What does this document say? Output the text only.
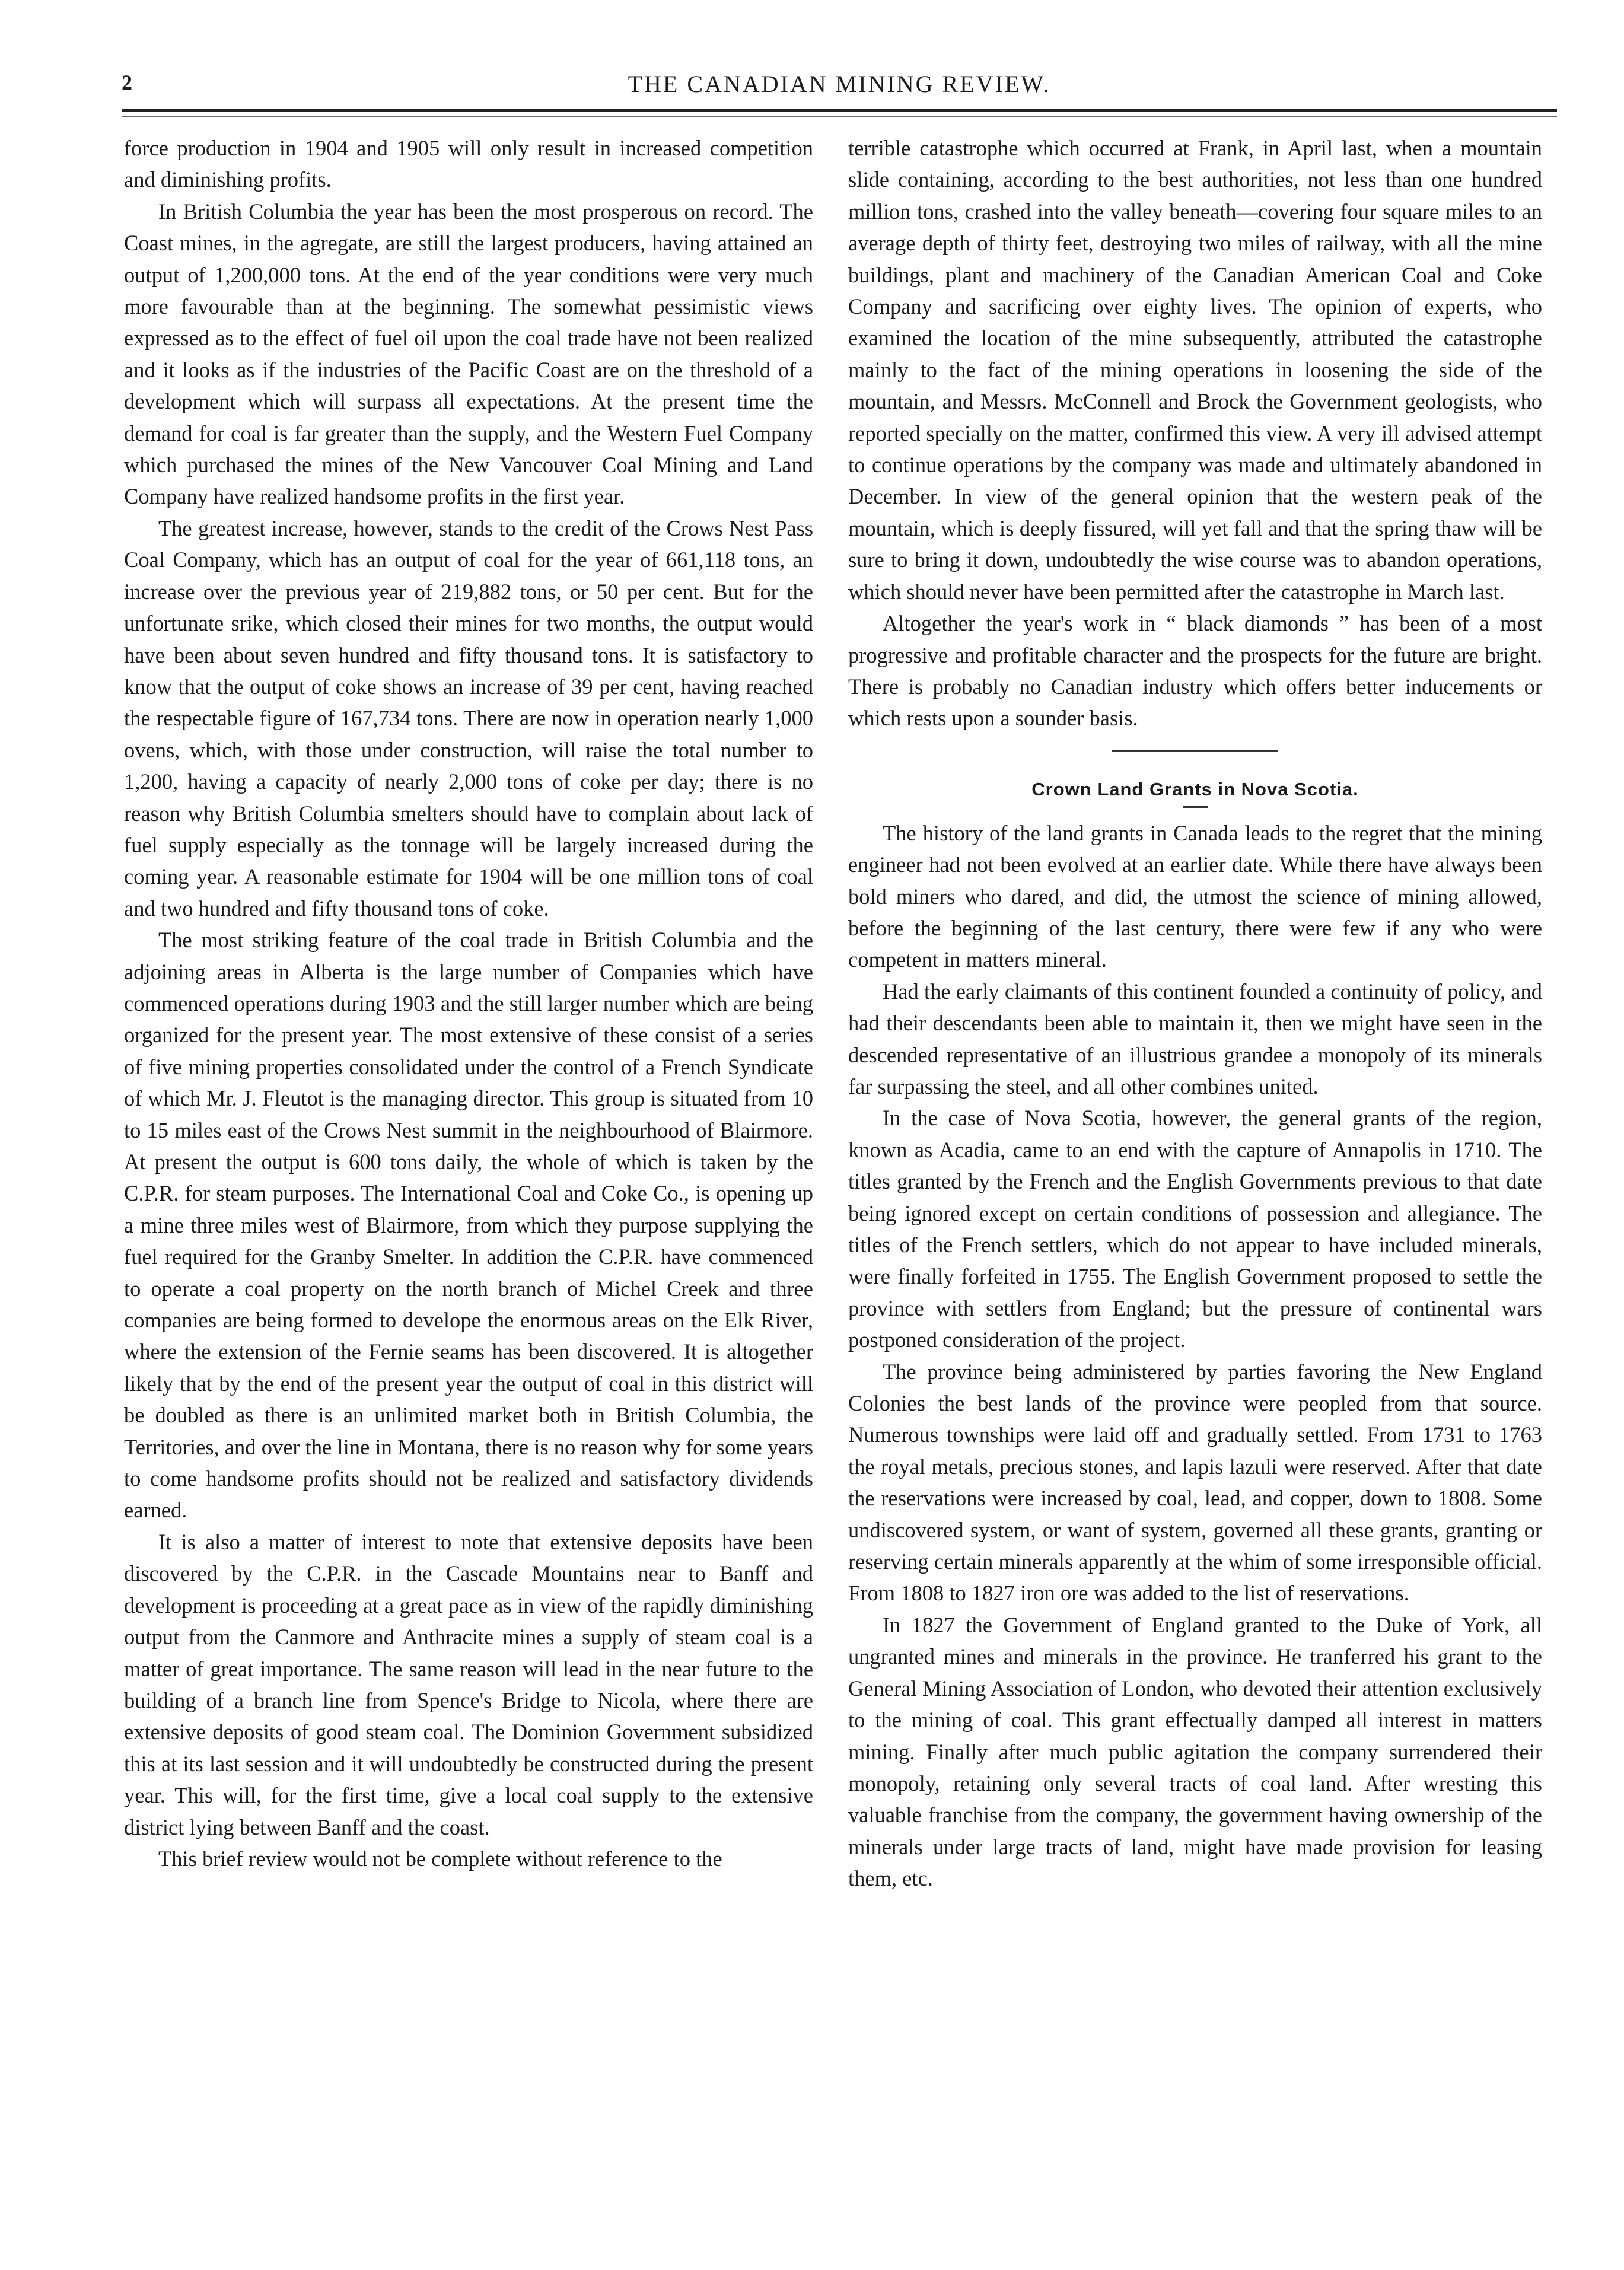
2	THE CANADIAN MINING REVIEW.

force production in 1904 and 1905 will only result in increased competition and diminishing profits.

In British Columbia the year has been the most prosperous on record. The Coast mines, in the agregate, are still the largest producers, having attained an output of 1,200,000 tons. At the end of the year conditions were very much more favourable than at the beginning. The somewhat pessimistic views expressed as to the effect of fuel oil upon the coal trade have not been realized and it looks as if the industries of the Pacific Coast are on the threshold of a development which will surpass all expectations. At the present time the demand for coal is far greater than the supply, and the Western Fuel Company which purchased the mines of the New Vancouver Coal Mining and Land Company have realized handsome profits in the first year.

The greatest increase, however, stands to the credit of the Crows Nest Pass Coal Company, which has an output of coal for the year of 661,118 tons, an increase over the previous year of 219,882 tons, or 50 per cent. But for the unfortunate srike, which closed their mines for two months, the output would have been about seven hundred and fifty thousand tons. It is satisfactory to know that the output of coke shows an increase of 39 per cent, having reached the respectable figure of 167,734 tons. There are now in operation nearly 1,000 ovens, which, with those under construction, will raise the total number to 1,200, having a capacity of nearly 2,000 tons of coke per day; there is no reason why British Columbia smelters should have to complain about lack of fuel supply especially as the tonnage will be largely increased during the coming year. A reasonable estimate for 1904 will be one million tons of coal and two hundred and fifty thousand tons of coke.

The most striking feature of the coal trade in British Columbia and the adjoining areas in Alberta is the large number of Companies which have commenced operations during 1903 and the still larger number which are being organized for the present year. The most extensive of these consist of a series of five mining properties consolidated under the control of a French Syndicate of which Mr. J. Fleutot is the managing director. This group is situated from 10 to 15 miles east of the Crows Nest summit in the neighbourhood of Blairmore. At present the output is 600 tons daily, the whole of which is taken by the C.P.R. for steam purposes. The International Coal and Coke Co., is opening up a mine three miles west of Blairmore, from which they purpose supplying the fuel required for the Granby Smelter. In addition the C.P.R. have commenced to operate a coal property on the north branch of Michel Creek and three companies are being formed to develope the enormous areas on the Elk River, where the extension of the Fernie seams has been discovered. It is altogether likely that by the end of the present year the output of coal in this district will be doubled as there is an unlimited market both in British Columbia, the Territories, and over the line in Montana, there is no reason why for some years to come handsome profits should not be realized and satisfactory dividends earned.

It is also a matter of interest to note that extensive deposits have been discovered by the C.P.R. in the Cascade Mountains near to Banff and development is proceeding at a great pace as in view of the rapidly diminishing output from the Canmore and Anthracite mines a supply of steam coal is a matter of great importance. The same reason will lead in the near future to the building of a branch line from Spence's Bridge to Nicola, where there are extensive deposits of good steam coal. The Dominion Government subsidized this at its last session and it will undoubtedly be constructed during the present year. This will, for the first time, give a local coal supply to the extensive district lying between Banff and the coast.

This brief review would not be complete without reference to the

terrible catastrophe which occurred at Frank, in April last, when a mountain slide containing, according to the best authorities, not less than one hundred million tons, crashed into the valley beneath—covering four square miles to an average depth of thirty feet, destroying two miles of railway, with all the mine buildings, plant and machinery of the Canadian American Coal and Coke Company and sacrificing over eighty lives. The opinion of experts, who examined the location of the mine subsequently, attributed the catastrophe mainly to the fact of the mining operations in loosening the side of the mountain, and Messrs. McConnell and Brock the Government geologists, who reported specially on the matter, confirmed this view. A very ill advised attempt to continue operations by the company was made and ultimately abandoned in December. In view of the general opinion that the western peak of the mountain, which is deeply fissured, will yet fall and that the spring thaw will be sure to bring it down, undoubtedly the wise course was to abandon operations, which should never have been permitted after the catastrophe in March last.

Altogether the year's work in “ black diamonds ” has been of a most progressive and profitable character and the prospects for the future are bright. There is probably no Canadian industry which offers better inducements or which rests upon a sounder basis.

Crown Land Grants in Nova Scotia.

The history of the land grants in Canada leads to the regret that the mining engineer had not been evolved at an earlier date. While there have always been bold miners who dared, and did, the utmost the science of mining allowed, before the beginning of the last century, there were few if any who were competent in matters mineral.

Had the early claimants of this continent founded a continuity of policy, and had their descendants been able to maintain it, then we might have seen in the descended representative of an illustrious grandee a monopoly of its minerals far surpassing the steel, and all other combines united.

In the case of Nova Scotia, however, the general grants of the region, known as Acadia, came to an end with the capture of Annapolis in 1710. The titles granted by the French and the English Governments previous to that date being ignored except on certain conditions of possession and allegiance. The titles of the French settlers, which do not appear to have included minerals, were finally forfeited in 1755. The English Government proposed to settle the province with settlers from England; but the pressure of continental wars postponed consideration of the project.

The province being administered by parties favoring the New England Colonies the best lands of the province were peopled from that source. Numerous townships were laid off and gradually settled. From 1731 to 1763 the royal metals, precious stones, and lapis lazuli were reserved. After that date the reservations were increased by coal, lead, and copper, down to 1808. Some undiscovered system, or want of system, governed all these grants, granting or reserving certain minerals apparently at the whim of some irresponsible official. From 1808 to 1827 iron ore was added to the list of reservations.

In 1827 the Government of England granted to the Duke of York, all ungranted mines and minerals in the province. He tranferred his grant to the General Mining Association of London, who devoted their attention exclusively to the mining of coal. This grant effectually damped all interest in matters mining. Finally after much public agitation the company surrendered their monopoly, retaining only several tracts of coal land. After wresting this valuable franchise from the company, the government having ownership of the minerals under large tracts of land, might have made provision for leasing them, etc.
